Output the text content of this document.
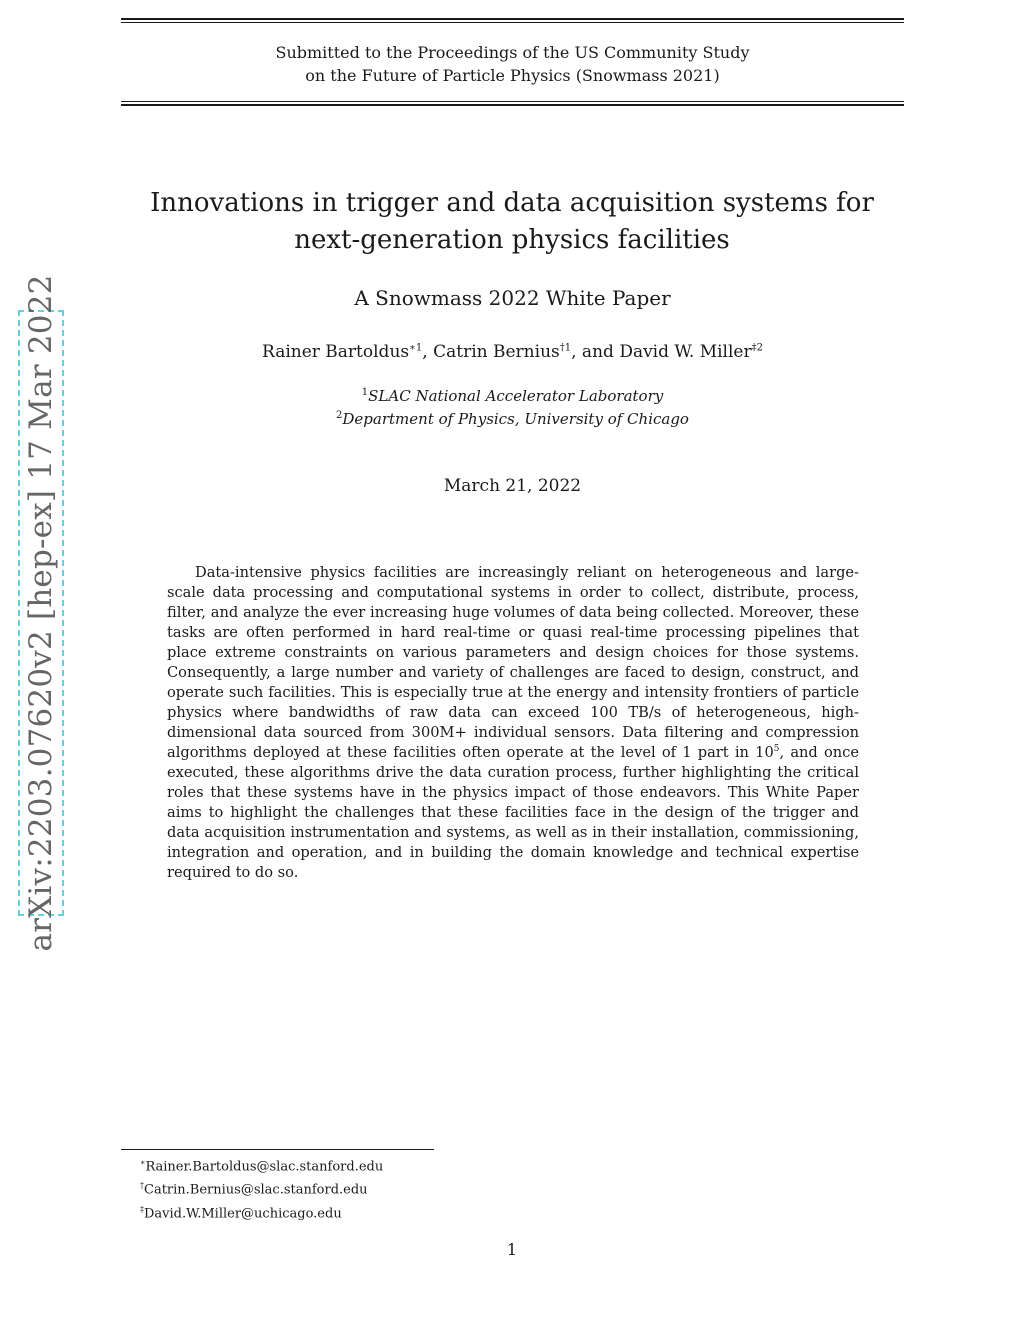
Submitted to the Proceedings of the US Community Study
on the Future of Particle Physics (Snowmass 2021)
arXiv:2203.07620v2 [hep-ex] 17 Mar 2022
Innovations in trigger and data acquisition systems for
next-generation physics facilities
A Snowmass 2022 White Paper
Rainer Bartoldus$^{∗1}$, Catrin Bernius$^{\dagger 1}$, and David W. Miller$^{\ddagger 2}$
$^1$SLAC National Accelerator Laboratory
$^2$Department of Physics, University of Chicago
March 21, 2022
Data-intensive physics facilities are increasingly reliant on heterogeneous and large-scale data processing and computational systems in order to collect, distribute, process, filter, and analyze the ever increasing huge volumes of data being collected. Moreover, these tasks are often performed in hard real-time or quasi real-time processing pipelines that place extreme constraints on various parameters and design choices for those systems. Consequently, a large number and variety of challenges are faced to design, construct, and operate such facilities. This is especially true at the energy and intensity frontiers of particle physics where bandwidths of raw data can exceed 100 TB/s of heterogeneous, high-dimensional data sourced from 300M+ individual sensors. Data filtering and compression algorithms deployed at these facilities often operate at the level of 1 part in $10^5$, and once executed, these algorithms drive the data curation process, further highlighting the critical roles that these systems have in the physics impact of those endeavors. This White Paper aims to highlight the challenges that these facilities face in the design of the trigger and data acquisition instrumentation and systems, as well as in their installation, commissioning, integration and operation, and in building the domain knowledge and technical expertise required to do so.
∗Rainer.Bartoldus@slac.stanford.edu
†Catrin.Bernius@slac.stanford.edu
‡David.W.Miller@uchicago.edu
1
